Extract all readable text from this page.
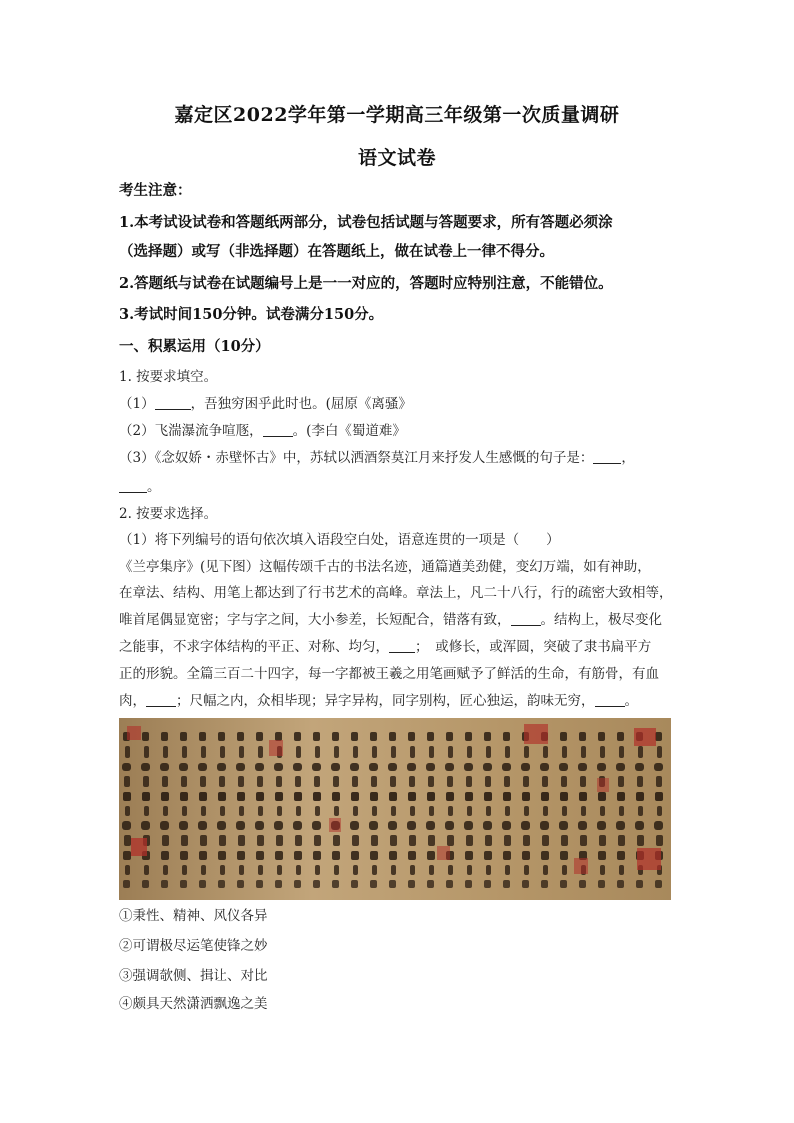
嘉定区2022学年第一学期高三年级第一次质量调研
语文试卷
考生注意：
1.本考试设试卷和答题纸两部分，试卷包括试题与答题要求，所有答题必须涂
（选择题）或写（非选择题）在答题纸上，做在试卷上一律不得分。
2.答题纸与试卷在试题编号上是一一对应的，答题时应特别注意，不能错位。
3.考试时间150分钟。试卷满分150分。
一、积累运用（10分）
1. 按要求填空。
（1）	，吾独穷困乎此时也。(屈原《离骚》
（2）飞湍瀑流争喧豗， 。(李白《蜀道难》
（3）《念奴娇・赤壁怀古》中，苏轼以洒酒祭莫江月来抒发人生感慨的句子是： ，
。
2. 按要求选择。
（1）将下列编号的语句依次填入语段空白处，语意连贯的一项是（　　）
《兰亭集序》(见下图）这幅传颂千古的书法名迹，通篇遒美劲健，变幻万端，如有神助，
在章法、结构、用笔上都达到了行书艺术的高峰。章法上，凡二十八行，行的疏密大致相等，
唯首尾偶显宽密；字与字之间，大小参差，长短配合，错落有致， 。结构上，极尽变化
之能事，不求字体结构的平正、对称、均匀， ；　或修长，或浑圆，突破了隶书扁平方
正的形貌。全篇三百二十四字，每一字都被王羲之用笔画赋予了鲜活的生命，有筋骨，有血
肉， ；尺幅之内，众相毕现；异字异构，同字别构，匠心独运，韵味无穷， 。
①秉性、精神、风仪各异
②可谓极尽运笔使锋之妙
③强调欹侧、揖让、对比
④颇具天然潇洒飘逸之美
